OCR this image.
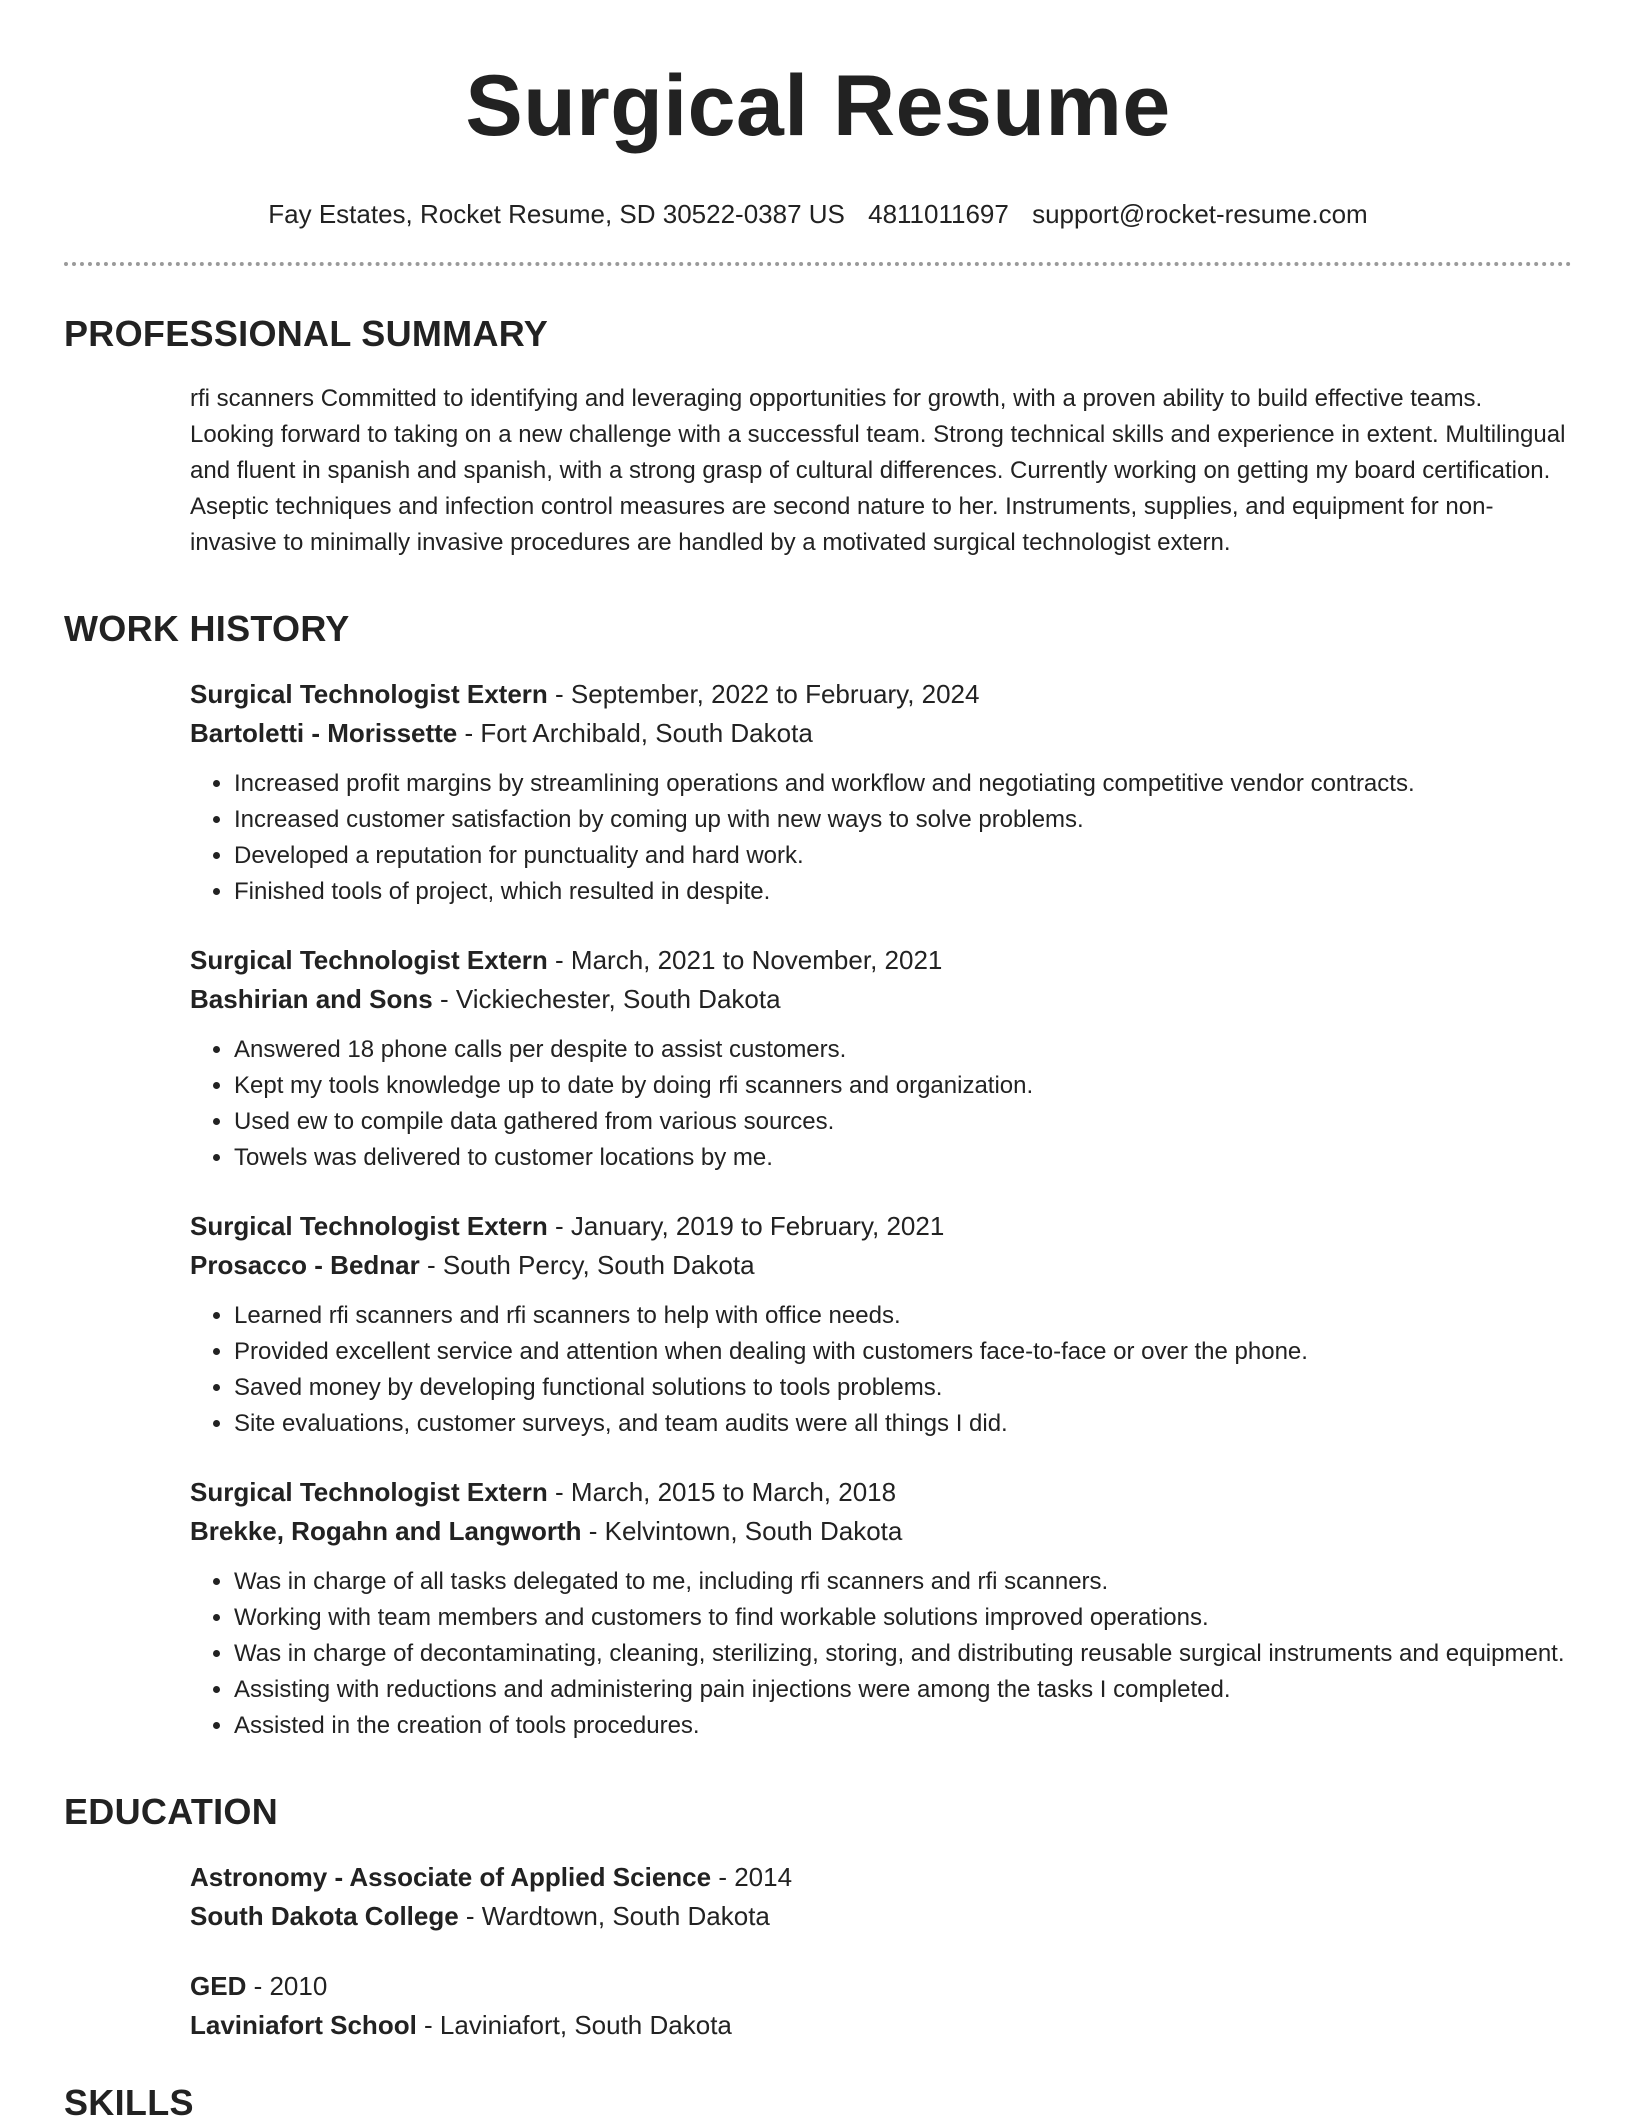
Surgical Resume
Fay Estates, Rocket Resume, SD 30522-0387 US 4811011697 support@rocket-resume.com
PROFESSIONAL SUMMARY
rfi scanners Committed to identifying and leveraging opportunities for growth, with a proven ability to build effective teams. Looking forward to taking on a new challenge with a successful team. Strong technical skills and experience in extent. Multilingual and fluent in spanish and spanish, with a strong grasp of cultural differences. Currently working on getting my board certification. Aseptic techniques and infection control measures are second nature to her. Instruments, supplies, and equipment for non-invasive to minimally invasive procedures are handled by a motivated surgical technologist extern.
WORK HISTORY
Surgical Technologist Extern - September, 2022 to February, 2024
Bartoletti - Morissette - Fort Archibald, South Dakota
• Increased profit margins by streamlining operations and workflow and negotiating competitive vendor contracts.
• Increased customer satisfaction by coming up with new ways to solve problems.
• Developed a reputation for punctuality and hard work.
• Finished tools of project, which resulted in despite.
Surgical Technologist Extern - March, 2021 to November, 2021
Bashirian and Sons - Vickiechester, South Dakota
• Answered 18 phone calls per despite to assist customers.
• Kept my tools knowledge up to date by doing rfi scanners and organization.
• Used ew to compile data gathered from various sources.
• Towels was delivered to customer locations by me.
Surgical Technologist Extern - January, 2019 to February, 2021
Prosacco - Bednar - South Percy, South Dakota
• Learned rfi scanners and rfi scanners to help with office needs.
• Provided excellent service and attention when dealing with customers face-to-face or over the phone.
• Saved money by developing functional solutions to tools problems.
• Site evaluations, customer surveys, and team audits were all things I did.
Surgical Technologist Extern - March, 2015 to March, 2018
Brekke, Rogahn and Langworth - Kelvintown, South Dakota
• Was in charge of all tasks delegated to me, including rfi scanners and rfi scanners.
• Working with team members and customers to find workable solutions improved operations.
• Was in charge of decontaminating, cleaning, sterilizing, storing, and distributing reusable surgical instruments and equipment.
• Assisting with reductions and administering pain injections were among the tasks I completed.
• Assisted in the creation of tools procedures.
EDUCATION
Astronomy - Associate of Applied Science - 2014
South Dakota College - Wardtown, South Dakota
GED - 2010
Laviniafort School - Laviniafort, South Dakota
SKILLS
